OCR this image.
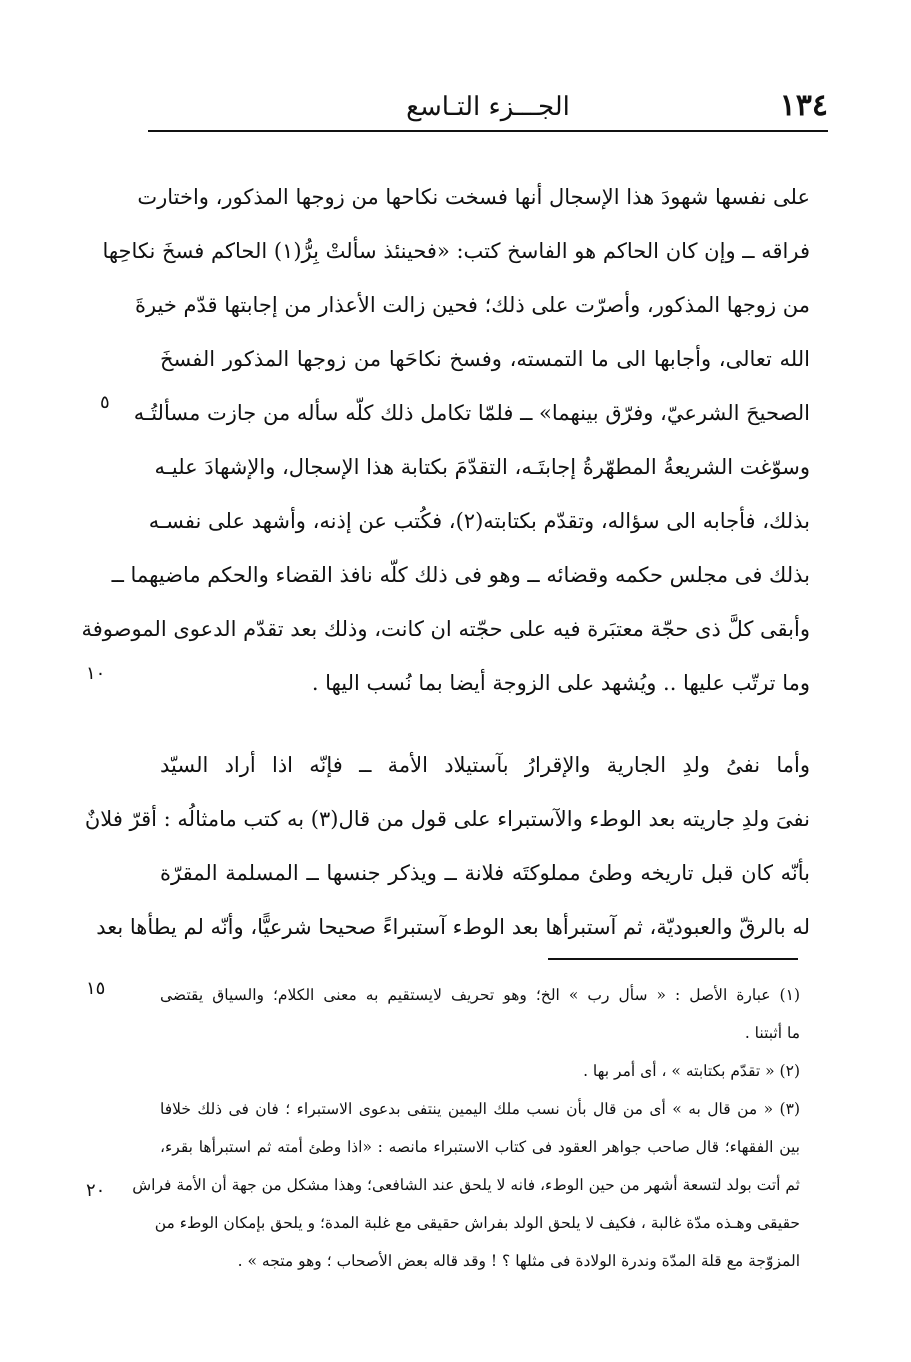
١٣٤
الجـــزء التـاسع
على نفسها شهودَ هذا الإسجال أنها فسخت نكاحها من زوجها المذكور، واختارت
فراقه ــ وإن كان الحاكم هو الفاسخ كتب: «فحينئذ سألتْ بِرُّ(١) الحاكم فسخَ نكاحِها
من زوجها المذكور، وأصرّت على ذلك؛ فحين زالت الأعذار من إجابتها قدّم خيرةَ
الله تعالى، وأجابها الى ما التمسته، وفسخ نكاحَها من زوجها المذكور الفسخَ
الصحيحَ الشرعيّ، وفرّق بينهما» ــ فلمّا تكامل ذلك كلّه سأله من جازت مسألتُـه
وسوّغت الشريعةُ المطهّرةُ إجابتَـه، التقدّمَ بكتابة هذا الإسجال، والإشهادَ عليـه
بذلك، فأجابه الى سؤاله، وتقدّم بكتابته(٢)، فكُتب عن إذنه، وأشهد على نفسـه
بذلك فى مجلس حكمه وقضائه ــ وهو فى ذلك كلّه نافذ القضاء والحكم ماضيهما ــ
وأبقى كلَّ ذى حجّة معتبَرة فيه على حجّته ان كانت، وذلك بعد تقدّم الدعوى الموصوفة
وما ترتّب عليها .. ويُشهد على الزوجة أيضا بما نُسب اليها .
وأما نفىُ ولدِ الجارية والإقرارُ بآستيلاد الأمة ــ فإنّه اذا أراد السيّد
نفىَ ولدِ جاريته بعد الوطء والآستبراء على قول من قال(٣) به كتب مامثالُه : أقرّ فلانٌ
بأنّه كان قبل تاريخه وطئ مملوكتَه فلانة ــ ويذكر جنسها ــ المسلمة المقرّة
له بالرقّ والعبوديّة، ثم آستبرأها بعد الوطء آستبراءً صحيحا شرعيًّا، وأنّه لم يطأها بعد
٥
١٠
١٥
٢٠
(١) عبارة الأصل : « سأل رب » الخ؛ وهو تحريف لايستقيم به معنى الكلام؛ والسياق يقتضى
ما أثبتنا .
(٢) « تقدّم بكتابته » ، أى أمر بها .
(٣) « من قال به » أى من قال بأن نسب ملك اليمين ينتفى بدعوى الاستبراء ؛ فان فى ذلك خلافا
بين الفقهاء؛ قال صاحب جواهر العقود فى كتاب الاستبراء مانصه : «اذا وطئ أمته ثم استبرأها بقرء،
ثم أتت بولد لتسعة أشهر من حين الوطء، فانه لا يلحق عند الشافعى؛ وهذا مشكل من جهة أن الأمة فراش
حقيقى وهـذه مدّة غالبة ، فكيف لا يلحق الولد بفراش حقيقى مع غلبة المدة؛ و يلحق بإمكان الوطء من
المزوّجة مع قلة المدّة وندرة الولادة فى مثلها ؟ ! وقد قاله بعض الأصحاب ؛ وهو متجه » .
